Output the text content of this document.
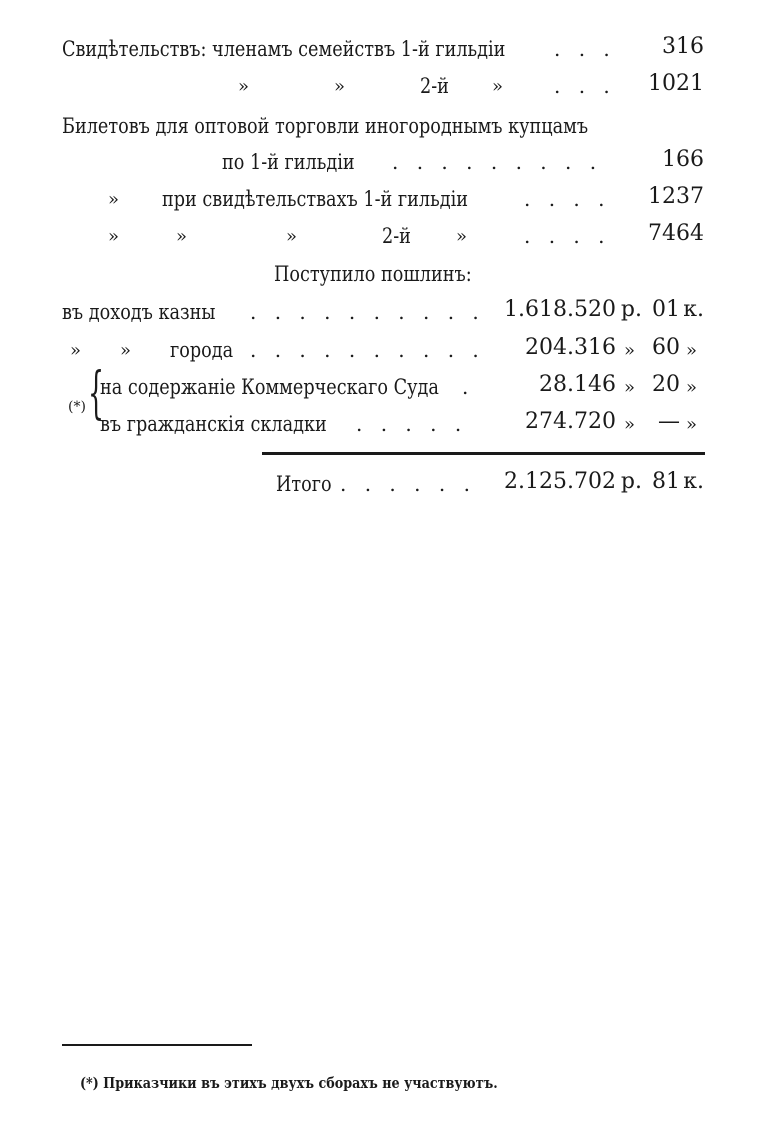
Свидѣтельствъ: членамъ семействъ 1-й гильдіи . . . 316
»	»	2-й »	. . . 1021
Билетовъ для оптовой торговли иногороднымъ купцамъ
по 1-й гильдіи . . . . . . . . .	166
» при свидѣтельствахъ 1-й гильдіи	. . . . 1237
»	»	»	2-й	»	. . . . 7464
Поступило пошлинъ:
въ доходъ казны . . . . . . . . . . 1.618.520 р. 01 к.
» » города . . . . . . . . . . 204.316 » 60 »
(*) {
на содержаніе Коммерческаго Суда .	28.146 » 20 »
въ гражданскія складки . . . . .	274.720 » — »
Итого . . . . . . 2.125.702 р. 81 к.
(*) Приказчики въ этихъ двухъ сборахъ не участвуютъ.
